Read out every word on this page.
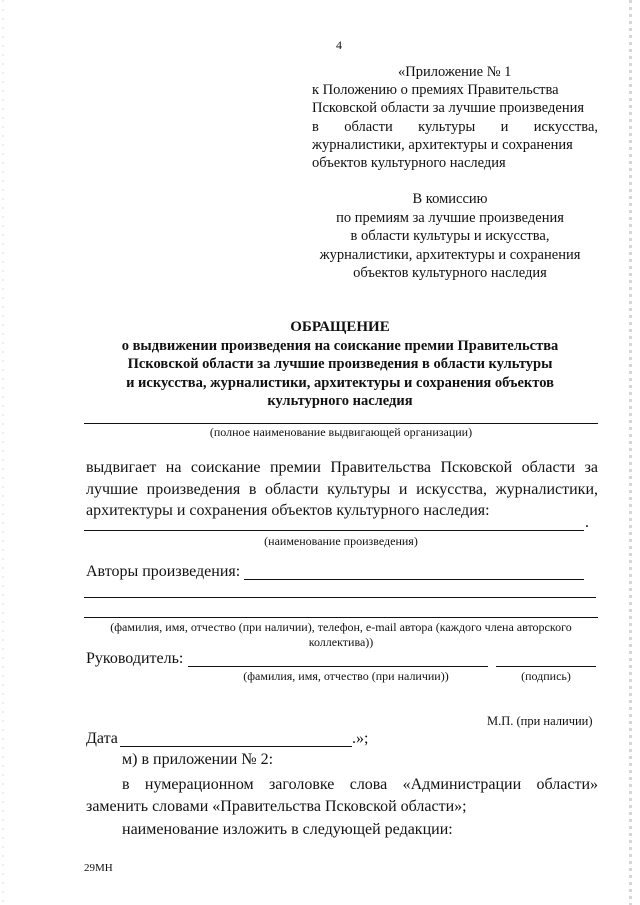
4
«Приложение № 1
к Положению о премиях Правительства
Псковской области за лучшие произведения
в области культуры и искусства,
журналистики, архитектуры и сохранения
объектов культурного наследия
В комиссию
по премиям за лучшие произведения
в области культуры и искусства,
журналистики, архитектуры и сохранения
объектов культурного наследия
ОБРАЩЕНИЕ
о выдвижении произведения на соискание премии Правительства
Псковской области за лучшие произведения в области культуры
и искусства, журналистики, архитектуры и сохранения объектов
культурного наследия
(полное наименование выдвигающей организации)
выдвигает на соискание премии Правительства Псковской области за
лучшие произведения в области культуры и искусства, журналистики,
архитектуры и сохранения объектов культурного наследия:
.
(наименование произведения)
Авторы произведения:
(фамилия, имя, отчество (при наличии), телефон, e-mail автора (каждого члена авторского
коллектива))
Руководитель:
(фамилия, имя, отчество (при наличии))	(подпись)
М.П. (при наличии)
Дата	.»;
м) в приложении № 2:
в нумерационном заголовке слова «Администрации области»
заменить словами «Правительства Псковской области»;
наименование изложить в следующей редакции:
29МН
